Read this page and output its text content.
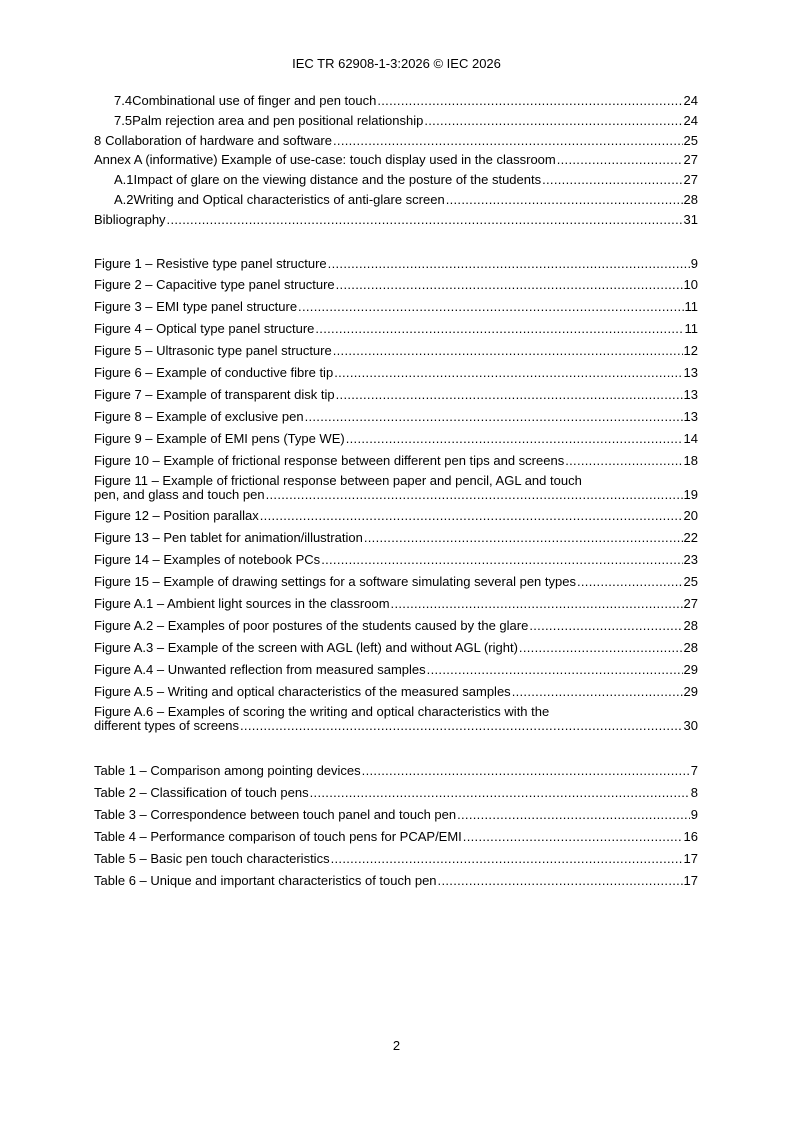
IEC TR 62908-1-3:2026 © IEC 2026
7.4 Combinational use of finger and pen touch .....	24
7.5 Palm rejection area and pen positional relationship .....	24
8 Collaboration of hardware and software .....	25
Annex A (informative) Example of use-case: touch display used in the classroom .....	27
A.1 Impact of glare on the viewing distance and the posture of the students .....	27
A.2 Writing and Optical characteristics of anti-glare screen .....	28
Bibliography .....	31
Figure 1 – Resistive type panel structure .....	9
Figure 2 – Capacitive type panel structure .....	10
Figure 3 – EMI type panel structure .....	11
Figure 4 – Optical type panel structure .....	11
Figure 5 – Ultrasonic type panel structure .....	12
Figure 6 – Example of conductive fibre tip .....	13
Figure 7 – Example of transparent disk tip .....	13
Figure 8 – Example of exclusive pen .....	13
Figure 9 – Example of EMI pens (Type WE) .....	14
Figure 10 – Example of frictional response between different pen tips and screens .....	18
Figure 11 – Example of frictional response between paper and pencil, AGL and touch
pen, and glass and touch pen .....	19
Figure 12 – Position parallax .....	20
Figure 13 – Pen tablet for animation/illustration .....	22
Figure 14 – Examples of notebook PCs .....	23
Figure 15 – Example of drawing settings for a software simulating several pen types .....	25
Figure A.1 – Ambient light sources in the classroom .....	27
Figure A.2 – Examples of poor postures of the students caused by the glare .....	28
Figure A.3 – Example of the screen with AGL (left) and without AGL (right) .....	28
Figure A.4 – Unwanted reflection from measured samples .....	29
Figure A.5 – Writing and optical characteristics of the measured samples .....	29
Figure A.6 – Examples of scoring the writing and optical characteristics with the
different types of screens .....	30
Table 1 – Comparison among pointing devices .....	7
Table 2 – Classification of touch pens .....	8
Table 3 – Correspondence between touch panel and touch pen .....	9
Table 4 – Performance comparison of touch pens for PCAP/EMI .....	16
Table 5 – Basic pen touch characteristics .....	17
Table 6 – Unique and important characteristics of touch pen .....	17
2
